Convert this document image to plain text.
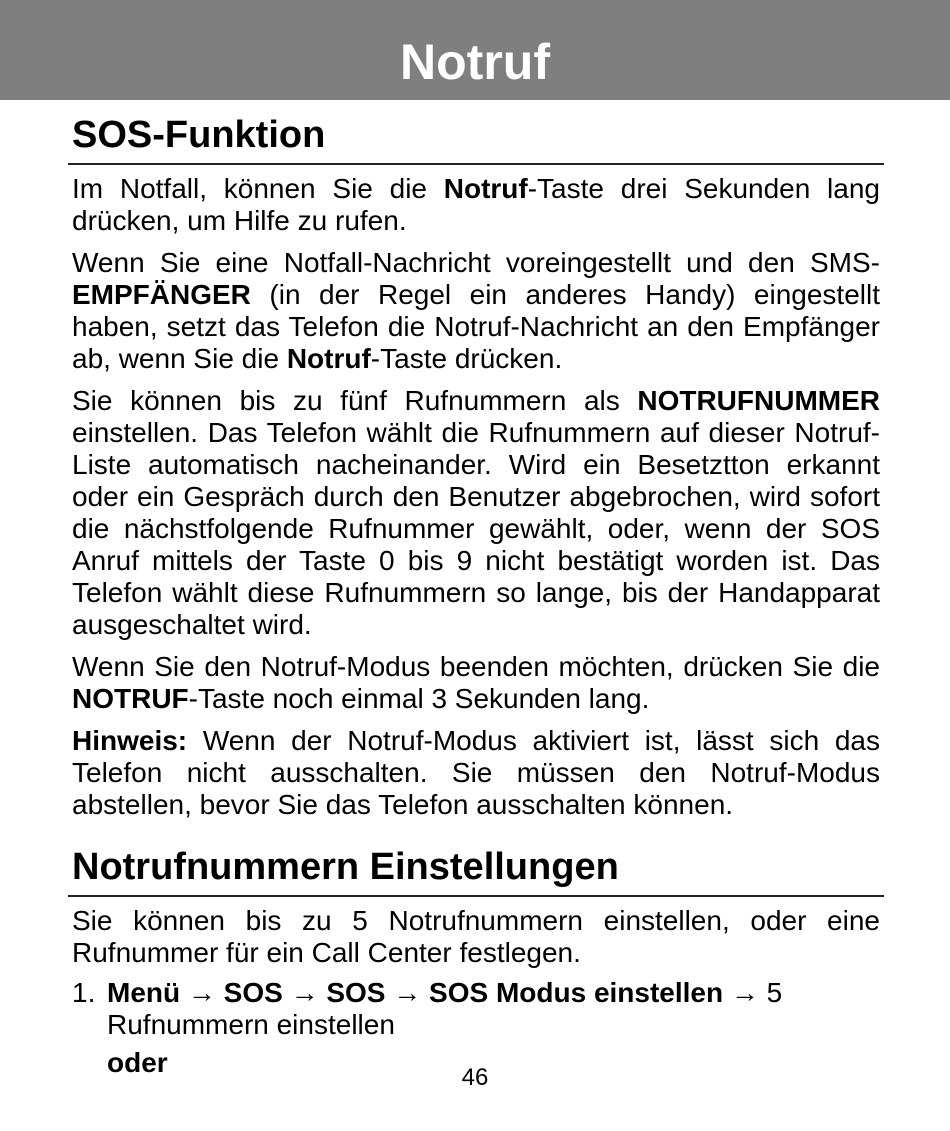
Notruf
SOS-Funktion

Im Notfall, können Sie die Notruf-Taste drei Sekunden lang drücken, um Hilfe zu rufen.

Wenn Sie eine Notfall-Nachricht voreingestellt und den SMS-EMPFÄNGER (in der Regel ein anderes Handy) eingestellt haben, setzt das Telefon die Notruf-Nachricht an den Empfänger ab, wenn Sie die Notruf-Taste drücken.

Sie können bis zu fünf Rufnummern als NOTRUFNUMMER einstellen. Das Telefon wählt die Rufnummern auf dieser Notruf-Liste automatisch nacheinander. Wird ein Besetztton erkannt oder ein Gespräch durch den Benutzer abgebrochen, wird sofort die nächstfolgende Rufnummer gewählt, oder, wenn der SOS Anruf mittels der Taste 0 bis 9 nicht bestätigt worden ist. Das Telefon wählt diese Rufnummern so lange, bis der Handapparat ausgeschaltet wird.

Wenn Sie den Notruf-Modus beenden möchten, drücken Sie die NOTRUF-Taste noch einmal 3 Sekunden lang.

Hinweis: Wenn der Notruf-Modus aktiviert ist, lässt sich das Telefon nicht ausschalten. Sie müssen den Notruf-Modus abstellen, bevor Sie das Telefon ausschalten können.

Notrufnummern Einstellungen

Sie können bis zu 5 Notrufnummern einstellen, oder eine Rufnummer für ein Call Center festlegen.

1. Menü → SOS → SOS → SOS Modus einstellen → 5 Rufnummern einstellen
oder	46
